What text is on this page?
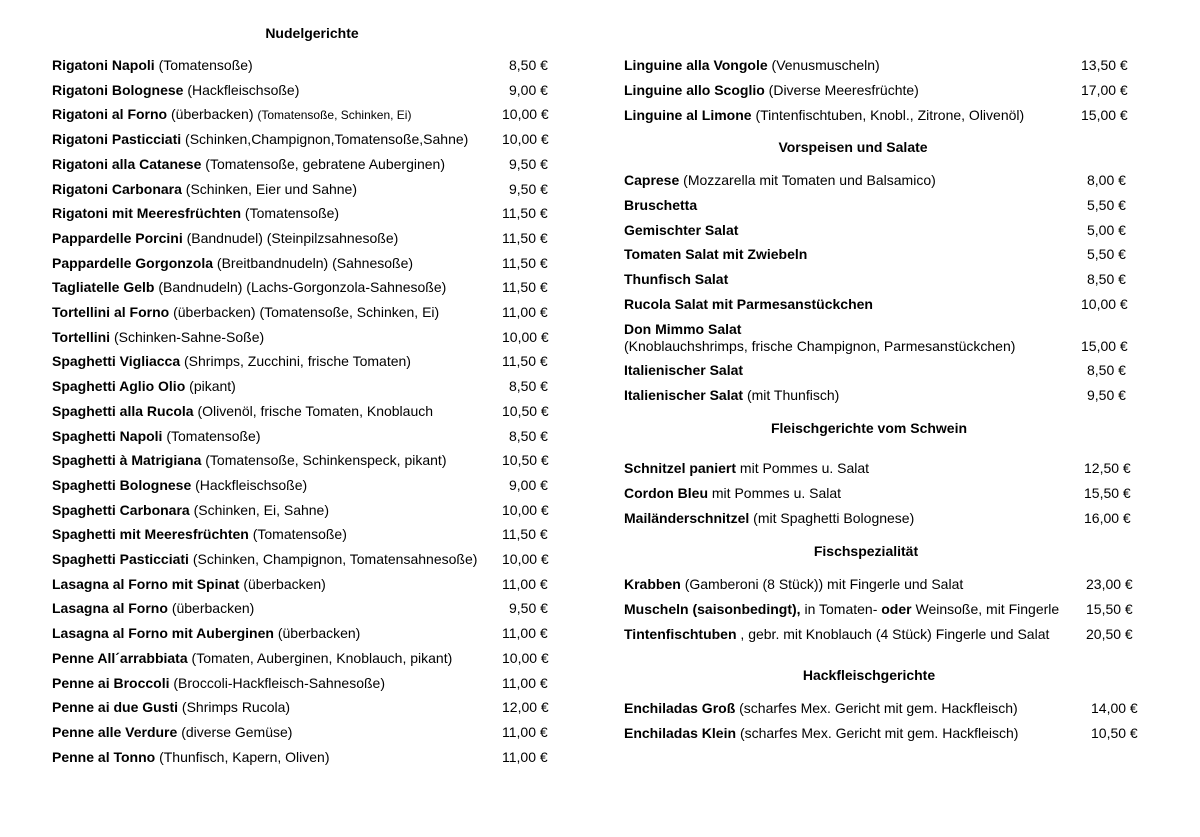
Nudelgerichte
Rigatoni Napoli (Tomatensoße)	8,50 €
Rigatoni Bolognese (Hackfleischsoße)	9,00 €
Rigatoni al Forno (überbacken) (Tomatensoße, Schinken, Ei)	10,00 €
Rigatoni Pasticciati (Schinken,Champignon,Tomatensoße,Sahne) 10,00 €
Rigatoni alla Catanese (Tomatensoße, gebratene Auberginen)	9,50 €
Rigatoni Carbonara (Schinken, Eier und Sahne)	9,50 €
Rigatoni mit Meeresfrüchten (Tomatensoße)	11,50 €
Pappardelle Porcini (Bandnudel) (Steinpilzsahnesoße)	11,50 €
Pappardelle Gorgonzola (Breitbandnudeln) (Sahnesoße)	11,50 €
Tagliatelle Gelb (Bandnudeln) (Lachs-Gorgonzola-Sahnesoße)	11,50 €
Tortellini al Forno (überbacken) (Tomatensoße, Schinken, Ei)	11,00 €
Tortellini (Schinken-Sahne-Soße)	10,00 €
Spaghetti Vigliacca (Shrimps, Zucchini, frische Tomaten)	11,50 €
Spaghetti Aglio Olio (pikant)	8,50 €
Spaghetti alla Rucola (Olivenöl, frische Tomaten, Knoblauch	10,50 €
Spaghetti Napoli (Tomatensoße)	8,50 €
Spaghetti à Matrigiana (Tomatensoße, Schinkenspeck, pikant)	10,50 €
Spaghetti Bolognese (Hackfleischsoße)	9,00 €
Spaghetti Carbonara (Schinken, Ei, Sahne)	10,00 €
Spaghetti mit Meeresfrüchten (Tomatensoße)	11,50 €
Spaghetti Pasticciati (Schinken, Champignon, Tomatensahnesoße) 10,00 €
Lasagna al Forno mit Spinat (überbacken)	11,00 €
Lasagna al Forno (überbacken)	9,50 €
Lasagna al Forno mit Auberginen (überbacken)	11,00 €
Penne All´arrabbiata (Tomaten, Auberginen, Knoblauch, pikant)	10,00 €
Penne ai Broccoli (Broccoli-Hackfleisch-Sahnesoße)	11,00 €
Penne ai due Gusti (Shrimps Rucola)	12,00 €
Penne alle Verdure (diverse Gemüse)	11,00 €
Penne al Tonno (Thunfisch, Kapern, Oliven)	11,00 €
Linguine alla Vongole (Venusmuscheln)	13,50 €
Linguine allo Scoglio (Diverse Meeresfrüchte)	17,00 €
Linguine al Limone (Tintenfischtuben, Knobl., Zitrone, Olivenöl)	15,00 €
Vorspeisen und Salate
Caprese (Mozzarella mit Tomaten und Balsamico)	8,00 €
Bruschetta	5,50 €
Gemischter Salat	5,00 €
Tomaten Salat mit Zwiebeln	5,50 €
Thunfisch Salat	8,50 €
Rucola Salat mit Parmesanstückchen	10,00 €
Don Mimmo Salat
(Knoblauchshrimps, frische Champignon, Parmesanstückchen)	15,00 €
Italienischer Salat	8,50 €
Italienischer Salat (mit Thunfisch)	9,50 €
Fleischgerichte vom Schwein
Schnitzel paniert mit Pommes u. Salat	12,50 €
Cordon Bleu mit Pommes u. Salat	15,50 €
Mailänderschnitzel (mit Spaghetti Bolognese)	16,00 €
Fischspezialität
Krabben (Gamberoni (8 Stück)) mit Fingerle und Salat	23,00 €
Muscheln (saisonbedingt), in Tomaten- oder Weinsoße, mit Fingerle 15,50 €
Tintenfischtuben , gebr. mit Knoblauch (4 Stück) Fingerle und Salat	20,50 €
Hackfleischgerichte
Enchiladas Groß (scharfes Mex. Gericht mit gem. Hackfleisch)	14,00 €
Enchiladas Klein (scharfes Mex. Gericht mit gem. Hackfleisch)	10,50 €
